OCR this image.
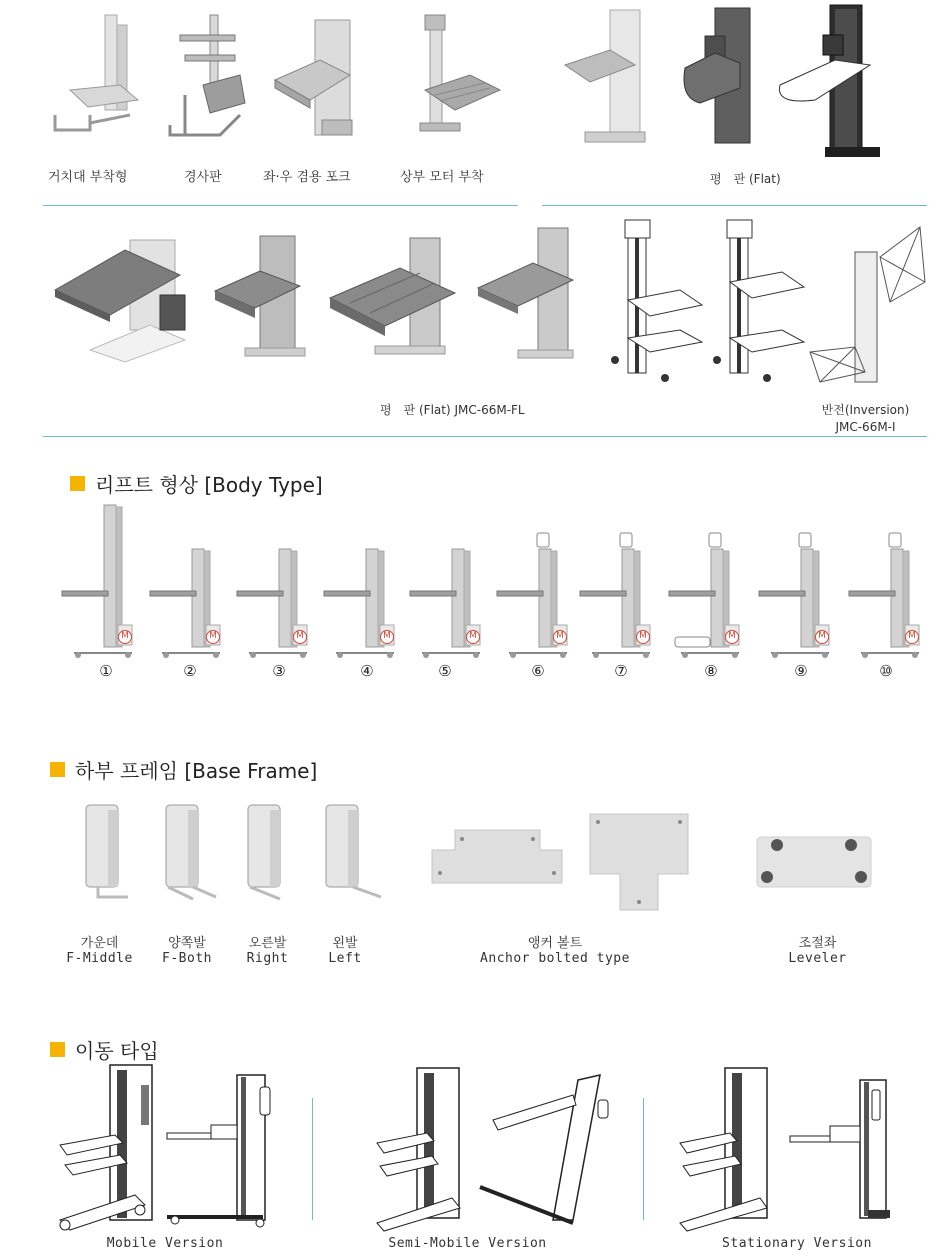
거치대 부착형	경사판	좌·우 겸용 포크	상부 모터 부착	평　판 (Flat)
평　판 (Flat) JMC-66M-FL	반전(Inversion)
JMC-66M-I
리프트 형상 [Body Type]
M
①
M
②
M
③
M
④
M
⑤
M
⑥
M
⑦
M
⑧
M
⑨
M
⑩
하부 프레임 [Base Frame]
가운데
F-Middle
양쪽발
F-Both
오른발
Right
왼발
Left
앵커 볼트
Anchor bolted type
조절좌
Leveler
이동 타입
Mobile Version	Semi-Mobile Version	Stationary Version
